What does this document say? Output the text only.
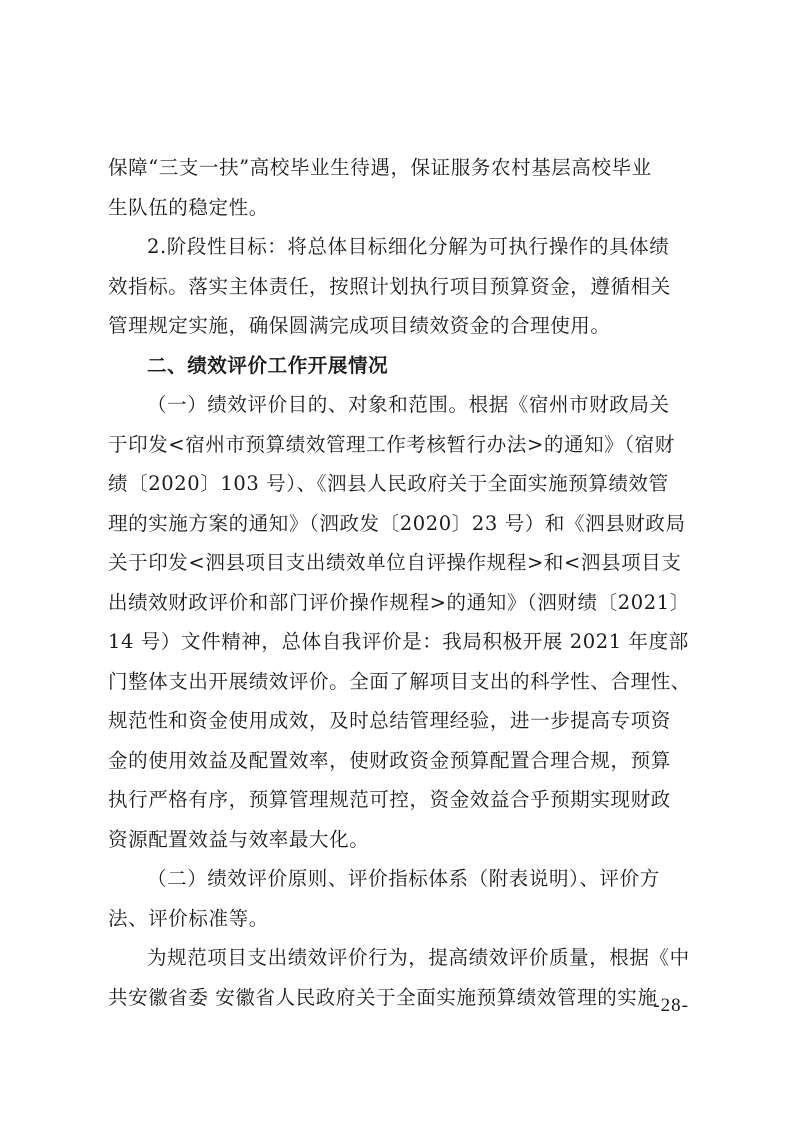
保障“三支一扶”高校毕业生待遇，保证服务农村基层高校毕业
生队伍的稳定性。

2.阶段性目标：将总体目标细化分解为可执行操作的具体绩
效指标。落实主体责任，按照计划执行项目预算资金，遵循相关
管理规定实施，确保圆满完成项目绩效资金的合理使用。

二、绩效评价工作开展情况

（一）绩效评价目的、对象和范围。根据《宿州市财政局关
于印发<宿州市预算绩效管理工作考核暂行办法>的通知》（宿财
绩〔2020〕103 号）、《泗县人民政府关于全面实施预算绩效管
理的实施方案的通知》（泗政发〔2020〕23 号）和《泗县财政局
关于印发<泗县项目支出绩效单位自评操作规程>和<泗县项目支
出绩效财政评价和部门评价操作规程>的通知》（泗财绩〔2021〕
14 号）文件精神，总体自我评价是：我局积极开展 2021 年度部
门整体支出开展绩效评价。全面了解项目支出的科学性、合理性、
规范性和资金使用成效，及时总结管理经验，进一步提高专项资
金的使用效益及配置效率，使财政资金预算配置合理合规，预算
执行严格有序，预算管理规范可控，资金效益合乎预期实现财政
资源配置效益与效率最大化。

（二）绩效评价原则、评价指标体系（附表说明）、评价方
法、评价标准等。

为规范项目支出绩效评价行为，提高绩效评价质量，根据《中
共安徽省委 安徽省人民政府关于全面实施预算绩效管理的实施

-28-
